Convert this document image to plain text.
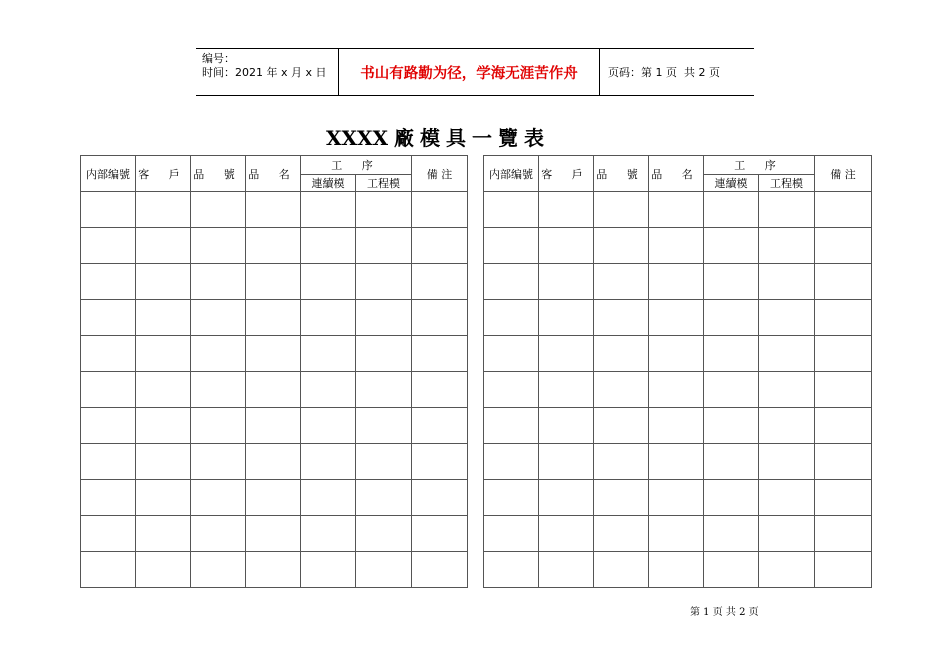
编号：
时间：2021 年 x 月 x 日	书山有路勤为径，学海无涯苦作舟	页码：第 1 页  共 2 页
XXXX 廠 模 具 一 覽 表
内部编號	客 戶	品 號	品 名	工 序		備 注
				連續模	工程模	

内部编號	客 戶	品 號	品 名	工 序		備 注
				連續模	工程模	

第 1 页 共 2 页
